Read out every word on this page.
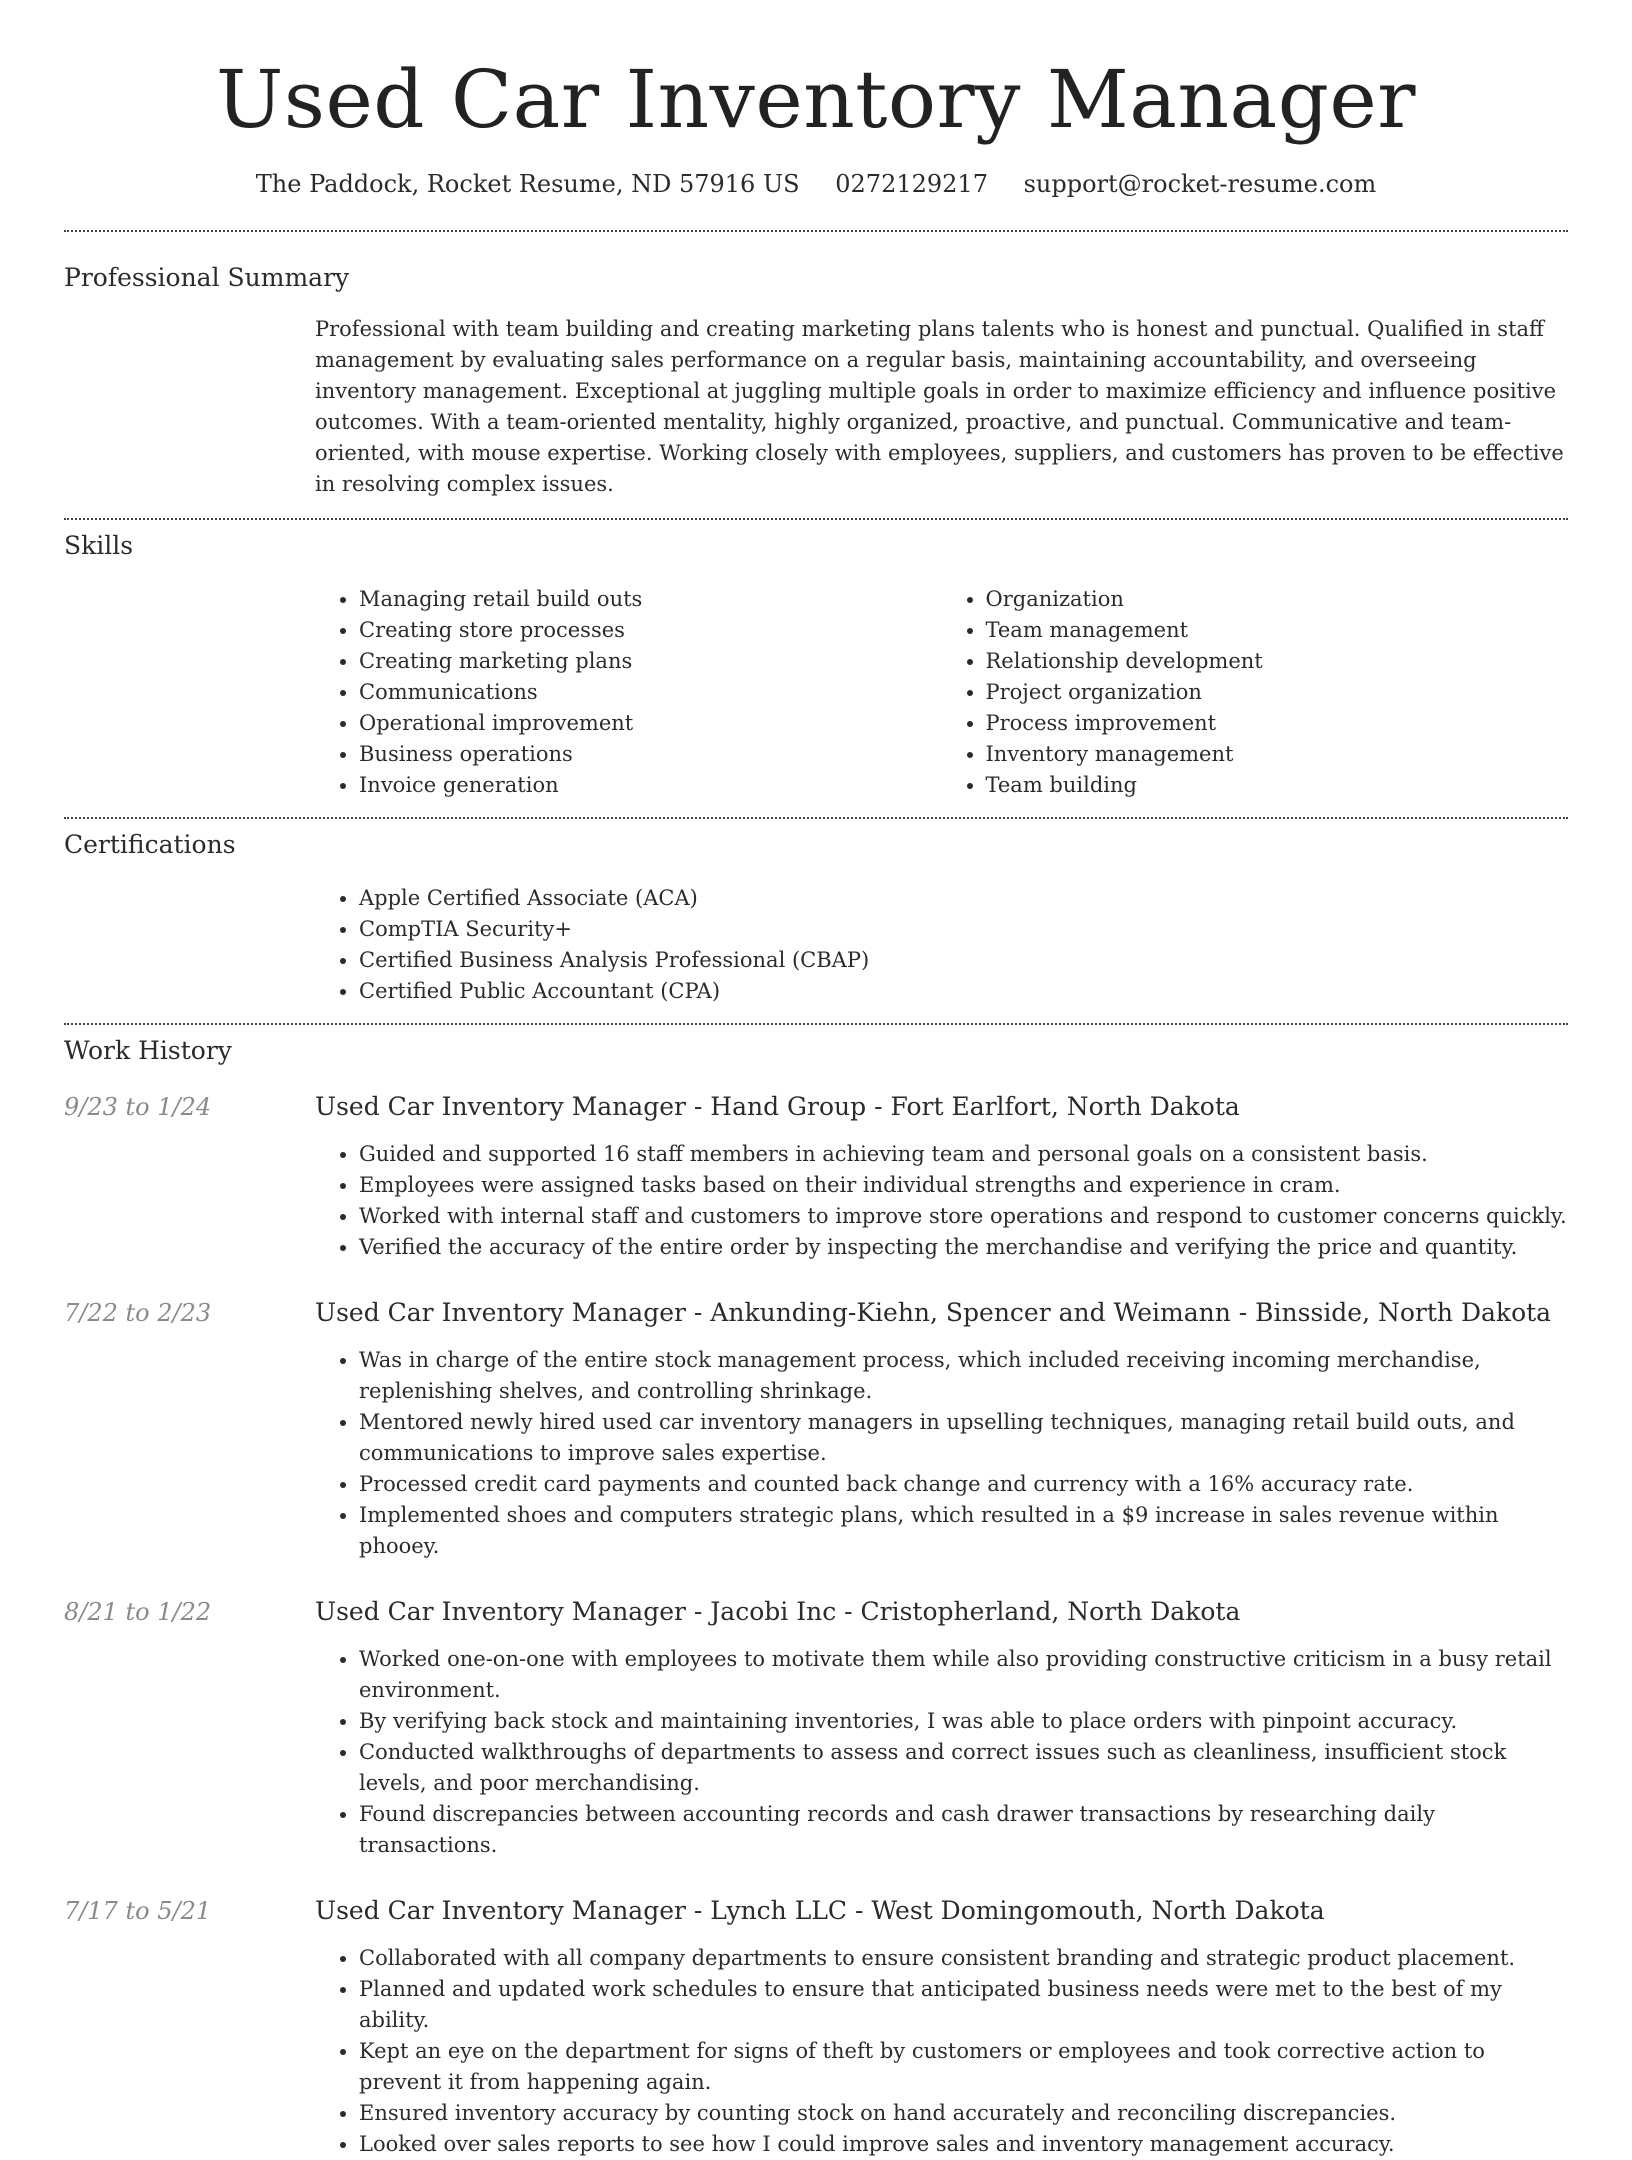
Used Car Inventory Manager
The Paddock, Rocket Resume, ND 57916 US 0272129217 support@rocket-resume.com
Professional Summary

Professional with team building and creating marketing plans talents who is honest and punctual. Qualified in staff management by evaluating sales performance on a regular basis, maintaining accountability, and overseeing inventory management. Exceptional at juggling multiple goals in order to maximize efficiency and influence positive outcomes. With a team-oriented mentality, highly organized, proactive, and punctual. Communicative and team-oriented, with mouse expertise. Working closely with employees, suppliers, and customers has proven to be effective in resolving complex issues.

Skills
• Managing retail build outs
• Creating store processes
• Creating marketing plans
• Communications
• Operational improvement
• Business operations
• Invoice generation
• Organization
• Team management
• Relationship development
• Project organization
• Process improvement
• Inventory management
• Team building
Certifications
• Apple Certified Associate (ACA)
• CompTIA Security+
• Certified Business Analysis Professional (CBAP)
• Certified Public Accountant (CPA)
Work History
9/23 to 1/24	Used Car Inventory Manager - Hand Group - Fort Earlfort, North Dakota
• Guided and supported 16 staff members in achieving team and personal goals on a consistent basis.
• Employees were assigned tasks based on their individual strengths and experience in cram.
• Worked with internal staff and customers to improve store operations and respond to customer concerns quickly.
• Verified the accuracy of the entire order by inspecting the merchandise and verifying the price and quantity.
7/22 to 2/23	Used Car Inventory Manager - Ankunding-Kiehn, Spencer and Weimann - Binsside, North Dakota
• Was in charge of the entire stock management process, which included receiving incoming merchandise, replenishing shelves, and controlling shrinkage.
• Mentored newly hired used car inventory managers in upselling techniques, managing retail build outs, and communications to improve sales expertise.
• Processed credit card payments and counted back change and currency with a 16% accuracy rate.
• Implemented shoes and computers strategic plans, which resulted in a $9 increase in sales revenue within phooey.
8/21 to 1/22	Used Car Inventory Manager - Jacobi Inc - Cristopherland, North Dakota
• Worked one-on-one with employees to motivate them while also providing constructive criticism in a busy retail environment.
• By verifying back stock and maintaining inventories, I was able to place orders with pinpoint accuracy.
• Conducted walkthroughs of departments to assess and correct issues such as cleanliness, insufficient stock levels, and poor merchandising.
• Found discrepancies between accounting records and cash drawer transactions by researching daily transactions.
7/17 to 5/21	Used Car Inventory Manager - Lynch LLC - West Domingomouth, North Dakota
• Collaborated with all company departments to ensure consistent branding and strategic product placement.
• Planned and updated work schedules to ensure that anticipated business needs were met to the best of my ability.
• Kept an eye on the department for signs of theft by customers or employees and took corrective action to prevent it from happening again.
• Ensured inventory accuracy by counting stock on hand accurately and reconciling discrepancies.
• Looked over sales reports to see how I could improve sales and inventory management accuracy.
